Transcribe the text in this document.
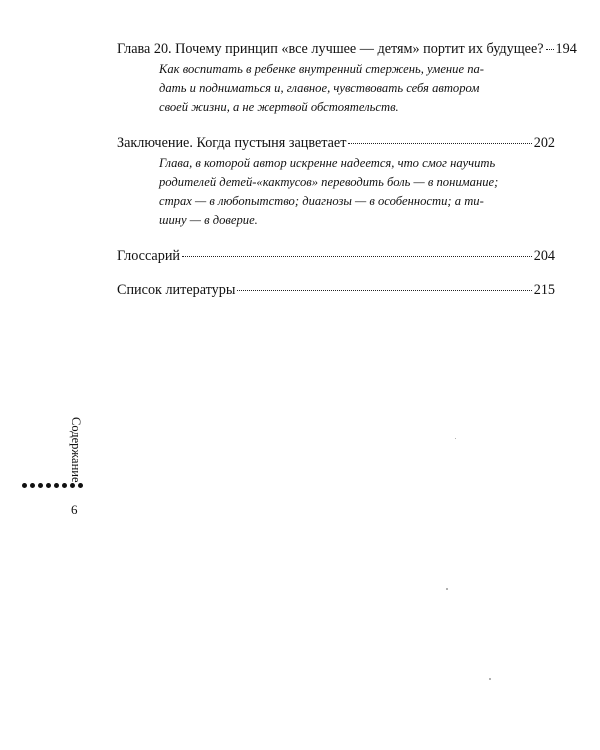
Глава 20. Почему принцип «все лучшее — детям» портит их будущее? 194
Как воспитать в ребенке внутренний стержень, умение па-
дать и подниматься и, главное, чувствовать себя автором
своей жизни, а не жертвой обстоятельств.
Заключение. Когда пустыня зацветает	202
Глава, в которой автор искренне надеется, что смог научить
родителей детей-«кактусов» переводить боль — в понимание;
страх — в любопытство; диагнозы — в особенности; а ти-
шину — в доверие.
Глоссарий	204
Список литературы	215
Содержание
6
